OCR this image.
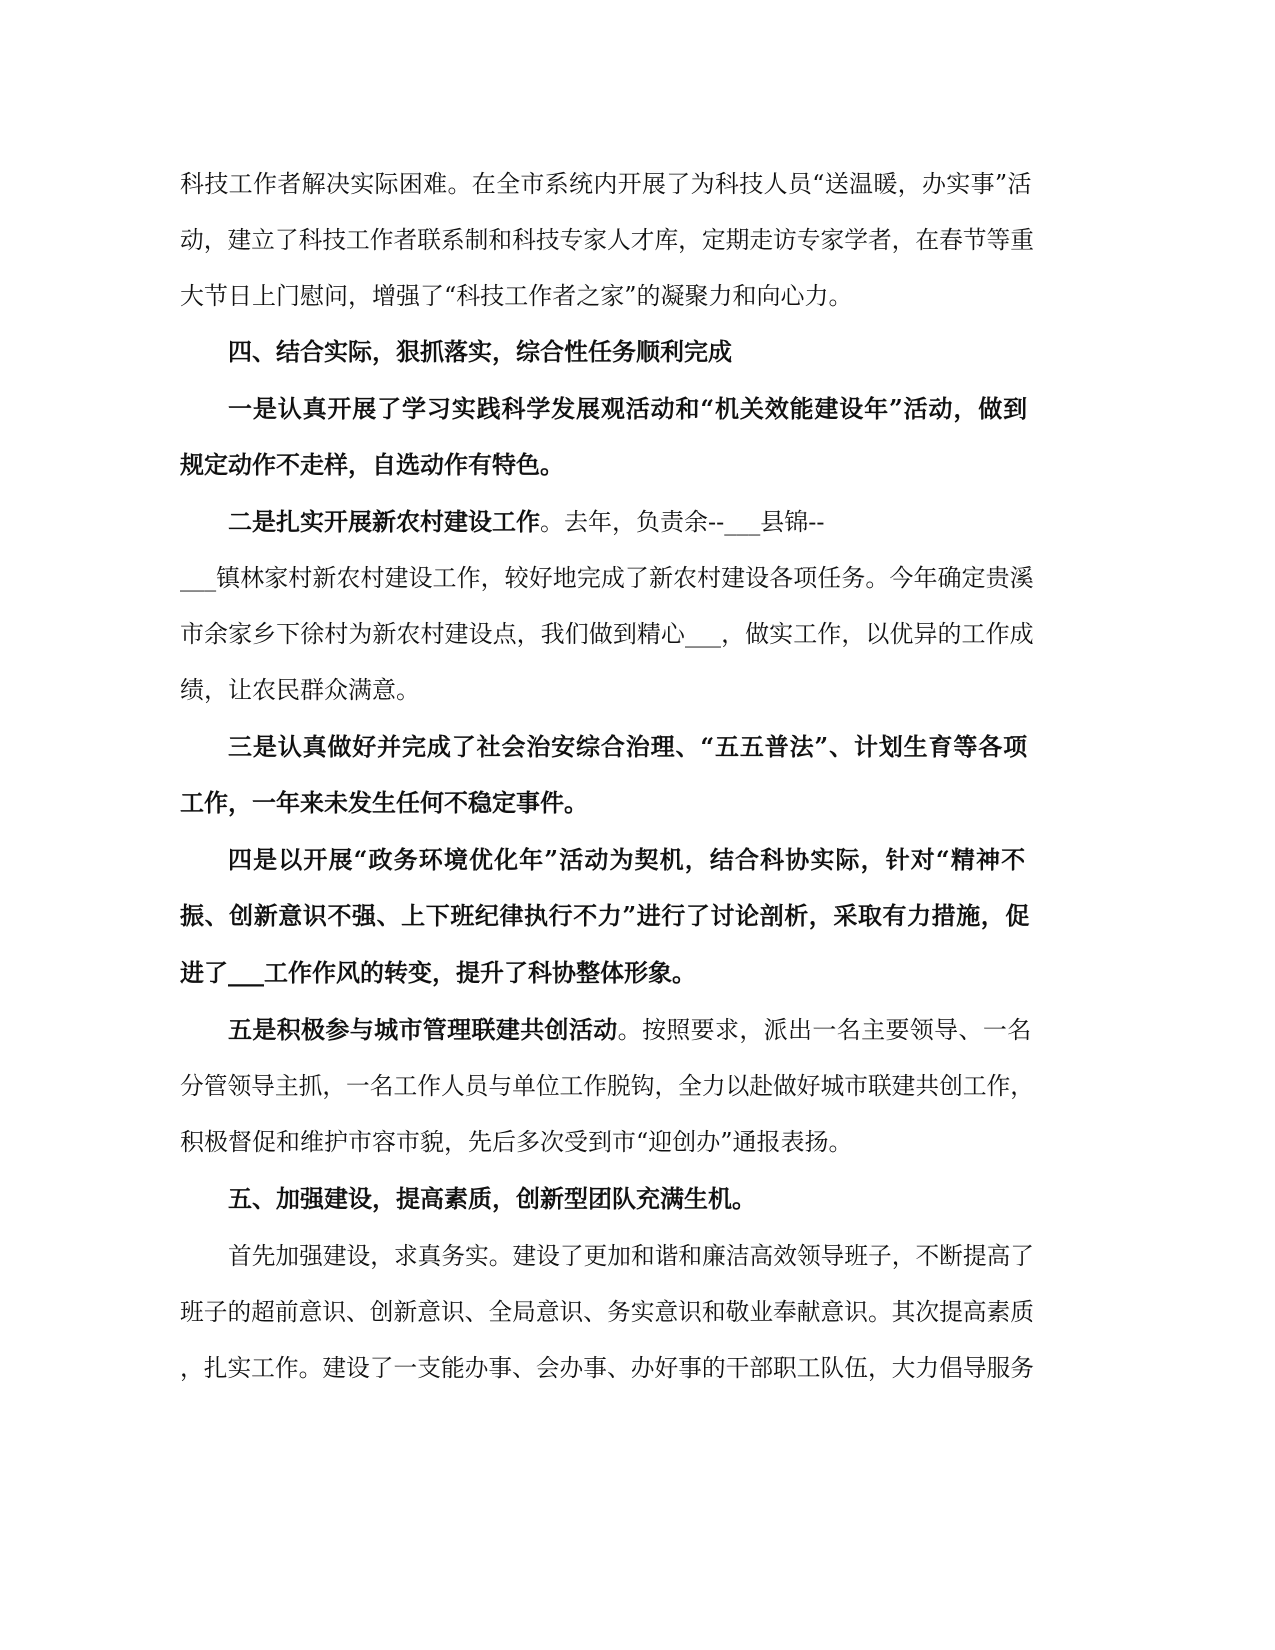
科技工作者解决实际困难。在全市系统内开展了为科技人员“送温暖，办实事”活
动，建立了科技工作者联系制和科技专家人才库，定期走访专家学者，在春节等重
大节日上门慰问，增强了“科技工作者之家”的凝聚力和向心力。
四、结合实际，狠抓落实，综合性任务顺利完成
一是认真开展了学习实践科学发展观活动和“机关效能建设年”活动，做到
规定动作不走样，自选动作有特色。
二是扎实开展新农村建设工作。去年，负责余--___县锦--
___镇林家村新农村建设工作，较好地完成了新农村建设各项任务。今年确定贵溪
市余家乡下徐村为新农村建设点，我们做到精心___，做实工作，以优异的工作成
绩，让农民群众满意。
三是认真做好并完成了社会治安综合治理、“五五普法”、计划生育等各项
工作，一年来未发生任何不稳定事件。
四是以开展“政务环境优化年”活动为契机，结合科协实际，针对“精神不
振、创新意识不强、上下班纪律执行不力”进行了讨论剖析，采取有力措施，促
进了___工作作风的转变，提升了科协整体形象。
五是积极参与城市管理联建共创活动。按照要求，派出一名主要领导、一名
分管领导主抓，一名工作人员与单位工作脱钩，全力以赴做好城市联建共创工作，
积极督促和维护市容市貌，先后多次受到市“迎创办”通报表扬。
五、加强建设，提高素质，创新型团队充满生机。
首先加强建设，求真务实。建设了更加和谐和廉洁高效领导班子，不断提高了
班子的超前意识、创新意识、全局意识、务实意识和敬业奉献意识。其次提高素质
，扎实工作。建设了一支能办事、会办事、办好事的干部职工队伍，大力倡导服务
